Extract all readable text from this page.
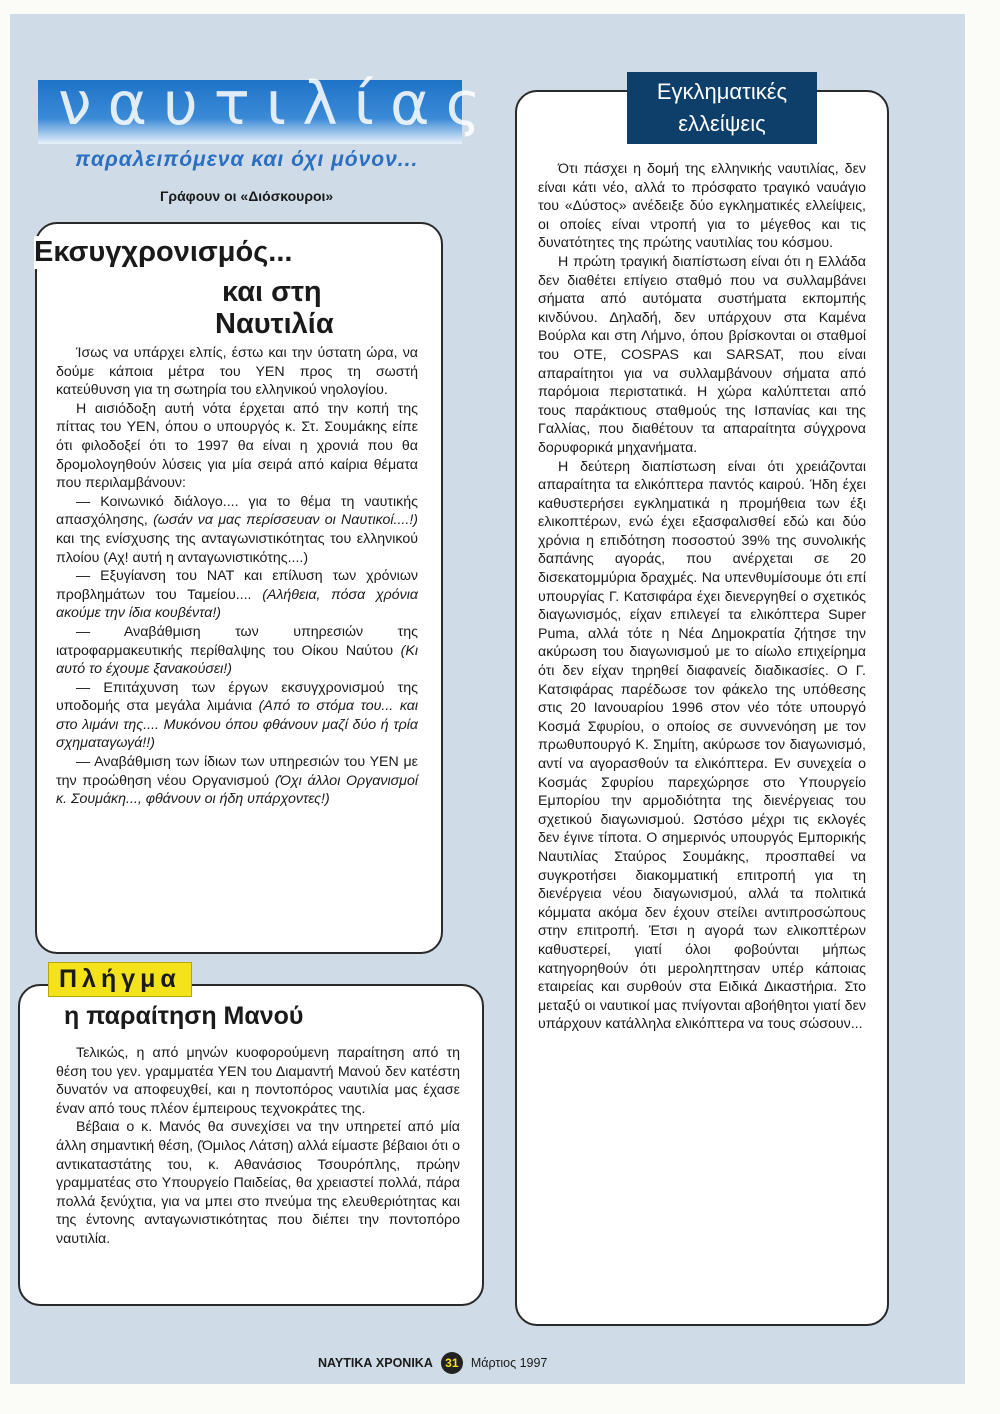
ναυτιλίας
παραλειπόμενα και όχι μόνον...
Γράφουν οι «Διόσκουροι»
Εκσυγχρονισμός...
και στη
Ναυτιλία

Ίσως να υπάρχει ελπίς, έστω και την ύστατη ώρα, να δούμε κάποια μέτρα του ΥΕΝ προς τη σωστή κατεύθυνση για τη σωτηρία του ελληνικού νηολογίου.

Η αισιόδοξη αυτή νότα έρχεται από την κοπή της πίττας του ΥΕΝ, όπου ο υπουργός κ. Στ. Σουμάκης είπε ότι φιλοδοξεί ότι το 1997 θα είναι η χρονιά που θα δρομολογηθούν λύσεις για μία σειρά από καίρια θέματα που περιλαμβάνουν:

— Κοινωνικό διάλογο.... για το θέμα τη ναυτικής απασχόλησης, (ωσάν να μας περίσσευαν οι Ναυτικοί....!) και της ενίσχυσης της ανταγωνιστικότητας του ελληνικού πλοίου (Αχ! αυτή η ανταγωνιστικότης....)

— Εξυγίανση του ΝΑΤ και επίλυση των χρόνιων προβλημάτων του Ταμείου.... (Αλήθεια, πόσα χρόνια ακούμε την ίδια κουβέντα!)

— Αναβάθμιση των υπηρεσιών της ιατροφαρμακευτικής περίθαλψης του Οίκου Ναύτου (Κι αυτό το έχουμε ξανακούσει!)

— Επιτάχυνση των έργων εκσυγχρονισμού της υποδομής στα μεγάλα λιμάνια (Από το στόμα του... και στο λιμάνι της.... Μυκόνου όπου φθάνουν μαζί δύο ή τρία σχηματαγωγά!!)

— Αναβάθμιση των ίδιων των υπηρεσιών του ΥΕΝ με την προώθηση νέου Οργανισμού (Όχι άλλοι Οργανισμοί κ. Σουμάκη..., φθάνουν οι ήδη υπάρχοντες!)

Πλήγμα
η παραίτηση Μανού

Τελικώς, η από μηνών κυοφορούμενη παραίτηση από τη θέση του γεν. γραμματέα ΥΕΝ του Διαμαντή Μανού δεν κατέστη δυνατόν να αποφευχθεί, και η ποντοπόρος ναυτιλία μας έχασε έναν από τους πλέον έμπειρους τεχνοκράτες της.

Βέβαια ο κ. Μανός θα συνεχίσει να την υπηρετεί από μία άλλη σημαντική θέση, (Όμιλος Λάτση) αλλά είμαστε βέβαιοι ότι ο αντικαταστάτης του, κ. Αθανάσιος Τσουρόπλης, πρώην γραμματέας στο Υπουργείο Παιδείας, θα χρειαστεί πολλά, πάρα πολλά ξενύχτια, για να μπει στο πνεύμα της ελευθεριότητας και της έντονης ανταγωνιστικότητας που διέπει την ποντοπόρο ναυτιλία.

Εγκληματικές
ελλείψεις

Ότι πάσχει η δομή της ελληνικής ναυτιλίας, δεν είναι κάτι νέο, αλλά το πρόσφατο τραγικό ναυάγιο του «Δύστος» ανέδειξε δύο εγκληματικές ελλείψεις, οι οποίες είναι ντροπή για το μέγεθος και τις δυνατότητες της πρώτης ναυτιλίας του κόσμου.

Η πρώτη τραγική διαπίστωση είναι ότι η Ελλάδα δεν διαθέτει επίγειο σταθμό που να συλλαμβάνει σήματα από αυτόματα συστήματα εκπομπής κινδύνου. Δηλαδή, δεν υπάρχουν στα Καμένα Βούρλα και στη Λήμνο, όπου βρίσκονται οι σταθμοί του ΟΤΕ, COSPAS και SARSAT, που είναι απαραίτητοι για να συλλαμβάνουν σήματα από παρόμοια περιστατικά. Η χώρα καλύπτεται από τους παράκτιους σταθμούς της Ισπανίας και της Γαλλίας, που διαθέτουν τα απαραίτητα σύγχρονα δορυφορικά μηχανήματα.

Η δεύτερη διαπίστωση είναι ότι χρειάζονται απαραίτητα τα ελικόπτερα παντός καιρού. Ήδη έχει καθυστερήσει εγκληματικά η προμήθεια των έξι ελικοπτέρων, ενώ έχει εξασφαλισθεί εδώ και δύο χρόνια η επιδότηση ποσοστού 39% της συνολικής δαπάνης αγοράς, που ανέρχεται σε 20 δισεκατομμύρια δραχμές. Να υπενθυμίσουμε ότι επί υπουργίας Γ. Κατσιφάρα έχει διενεργηθεί ο σχετικός διαγωνισμός, είχαν επιλεγεί τα ελικόπτερα Super Puma, αλλά τότε η Νέα Δημοκρατία ζήτησε την ακύρωση του διαγωνισμού με το αίωλο επιχείρημα ότι δεν είχαν τηρηθεί διαφανείς διαδικασίες. Ο Γ. Κατσιφάρας παρέδωσε τον φάκελο της υπόθεσης στις 20 Ιανουαρίου 1996 στον νέο τότε υπουργό Κοσμά Σφυρίου, ο οποίος σε συννενόηση με τον πρωθυπουργό Κ. Σημίτη, ακύρωσε τον διαγωνισμό, αντί να αγορασθούν τα ελικόπτερα. Εν συνεχεία ο Κοσμάς Σφυρίου παρεχώρησε στο Υπουργείο Εμπορίου την αρμοδιότητα της διενέργειας του σχετικού διαγωνισμού. Ωστόσο μέχρι τις εκλογές δεν έγινε τίποτα. Ο σημερινός υπουργός Εμπορικής Ναυτιλίας Σταύρος Σουμάκης, προσπαθεί να συγκροτήσει διακομματική επιτροπή για τη διενέργεια νέου διαγωνισμού, αλλά τα πολιτικά κόμματα ακόμα δεν έχουν στείλει αντιπροσώπους στην επιτροπή. Έτσι η αγορά των ελικοπτέρων καθυστερεί, γιατί όλοι φοβούνται μήπως κατηγορηθούν ότι μεροληπτησαν υπέρ κάποιας εταιρείας και συρθούν στα Ειδικά Δικαστήρια. Στο μεταξύ οι ναυτικοί μας πνίγονται αβοήθητοι γιατί δεν υπάρχουν κατάλληλα ελικόπτερα να τους σώσουν...

ΝΑΥΤΙΚΑ ΧΡΟΝΙΚΑ	31 Μάρτιος 1997
